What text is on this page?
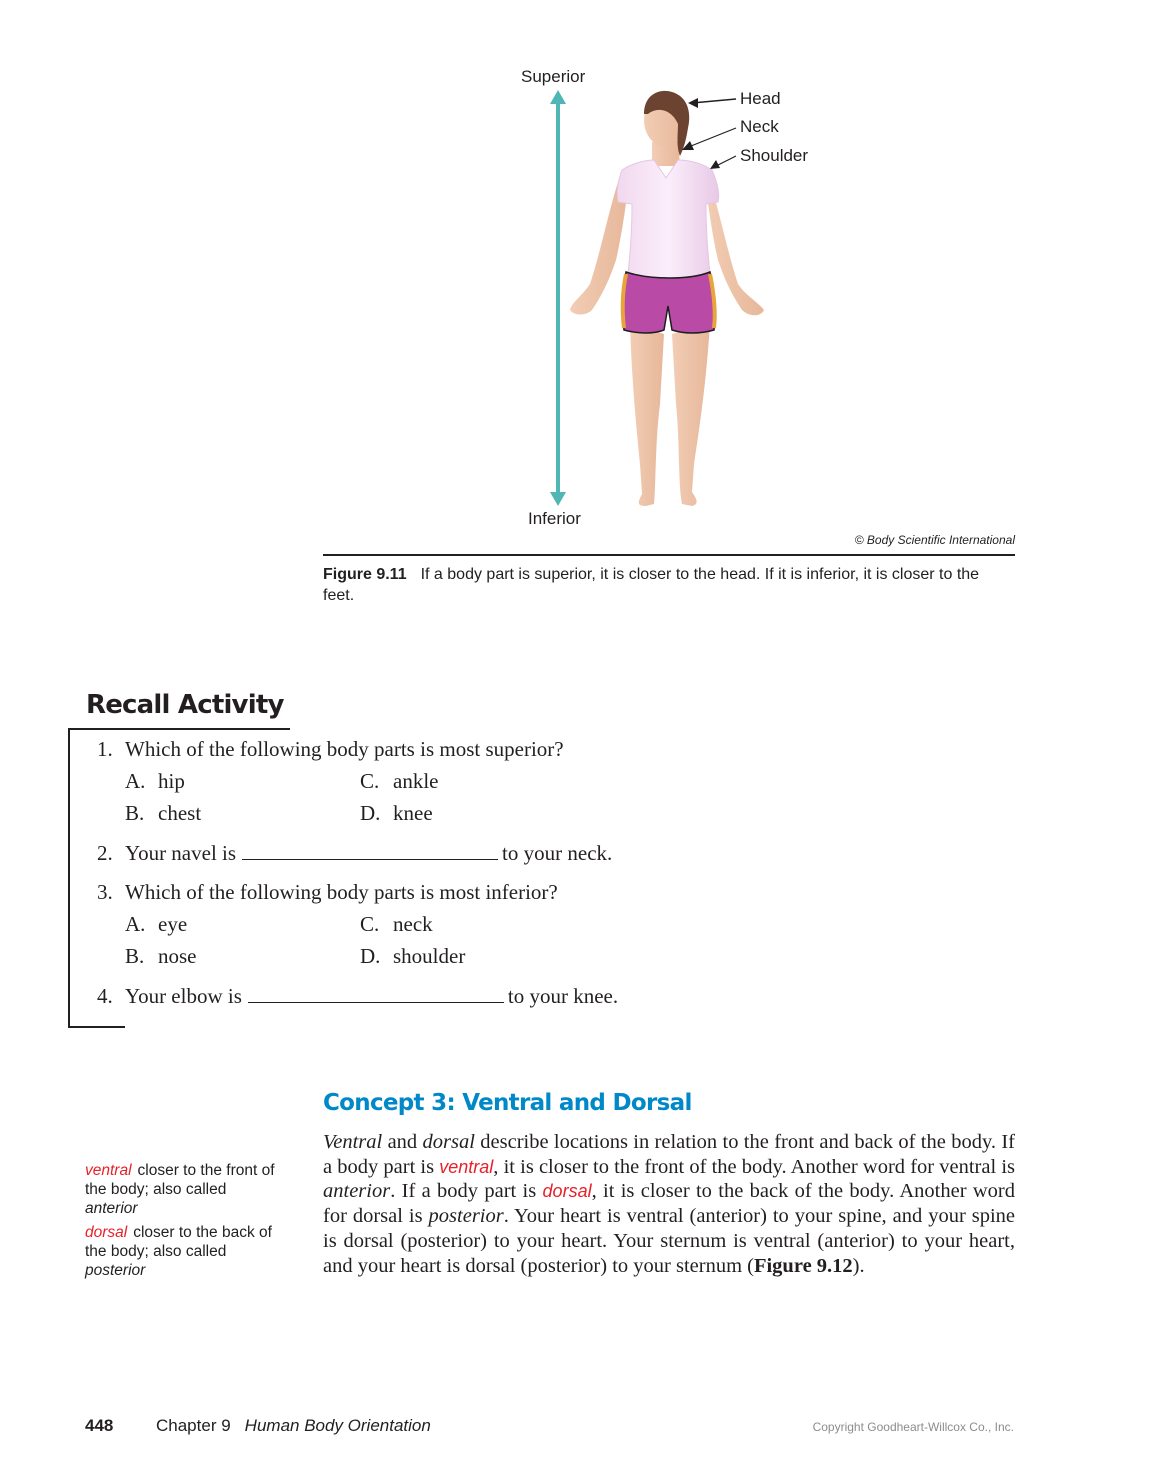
Superior
Inferior
Head
Neck
Shoulder
© Body Scientific International
Figure 9.11 If a body part is superior, it is closer to the head. If it is inferior, it is closer to the feet.
Recall Activity
1. Which of the following body parts is most superior?
A. hip	C. ankle
B. chest	D. knee
2. Your navel is	to your neck.
3. Which of the following body parts is most inferior?
A. eye	C. neck
B. nose	D. shoulder
4. Your elbow is	to your knee.
Concept 3: Ventral and Dorsal
Ventral and dorsal describe locations in relation to the front and back of the body. If a body part is ventral, it is closer to the front of the body. Another word for ventral is anterior. If a body part is dorsal, it is closer to the back of the body. Another word for dorsal is posterior. Your heart is ventral (anterior) to your spine, and your spine is dorsal (posterior) to your heart. Your sternum is ventral (anterior) to your heart, and your heart is dorsal (posterior) to your sternum (Figure 9.12).
ventral closer to the front of the body; also called
anterior
dorsal closer to the back of the body; also called
posterior
448	Chapter 9 Human Body Orientation	Copyright Goodheart-Willcox Co., Inc.
